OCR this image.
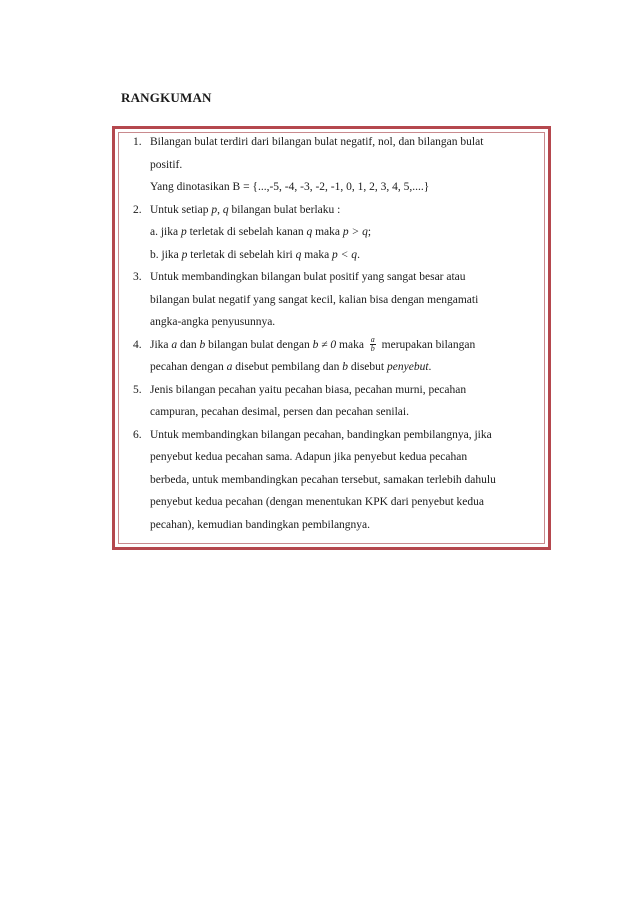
RANGKUMAN
1. Bilangan bulat terdiri dari bilangan bulat negatif, nol, dan bilangan bulat
positif.
Yang dinotasikan B = {...,-5, -4, -3, -2, -1, 0, 1, 2, 3, 4, 5,....}
2. Untuk setiap p, q bilangan bulat berlaku :
a. jika p terletak di sebelah kanan q maka p > q;
b. jika p terletak di sebelah kiri q maka p < q.
3. Untuk membandingkan bilangan bulat positif yang sangat besar atau
bilangan bulat negatif yang sangat kecil, kalian bisa dengan mengamati
angka-angka penyusunnya.
4. Jika a dan b bilangan bulat dengan b ≠ 0 maka $\frac{a}{b}$ merupakan bilangan
pecahan dengan a disebut pembilang dan b disebut penyebut.
5. Jenis bilangan pecahan yaitu pecahan biasa, pecahan murni, pecahan
campuran, pecahan desimal, persen dan pecahan senilai.
6. Untuk membandingkan bilangan pecahan, bandingkan pembilangnya, jika
penyebut kedua pecahan sama. Adapun jika penyebut kedua pecahan
berbeda, untuk membandingkan pecahan tersebut, samakan terlebih dahulu
penyebut kedua pecahan (dengan menentukan KPK dari penyebut kedua
pecahan), kemudian bandingkan pembilangnya.
